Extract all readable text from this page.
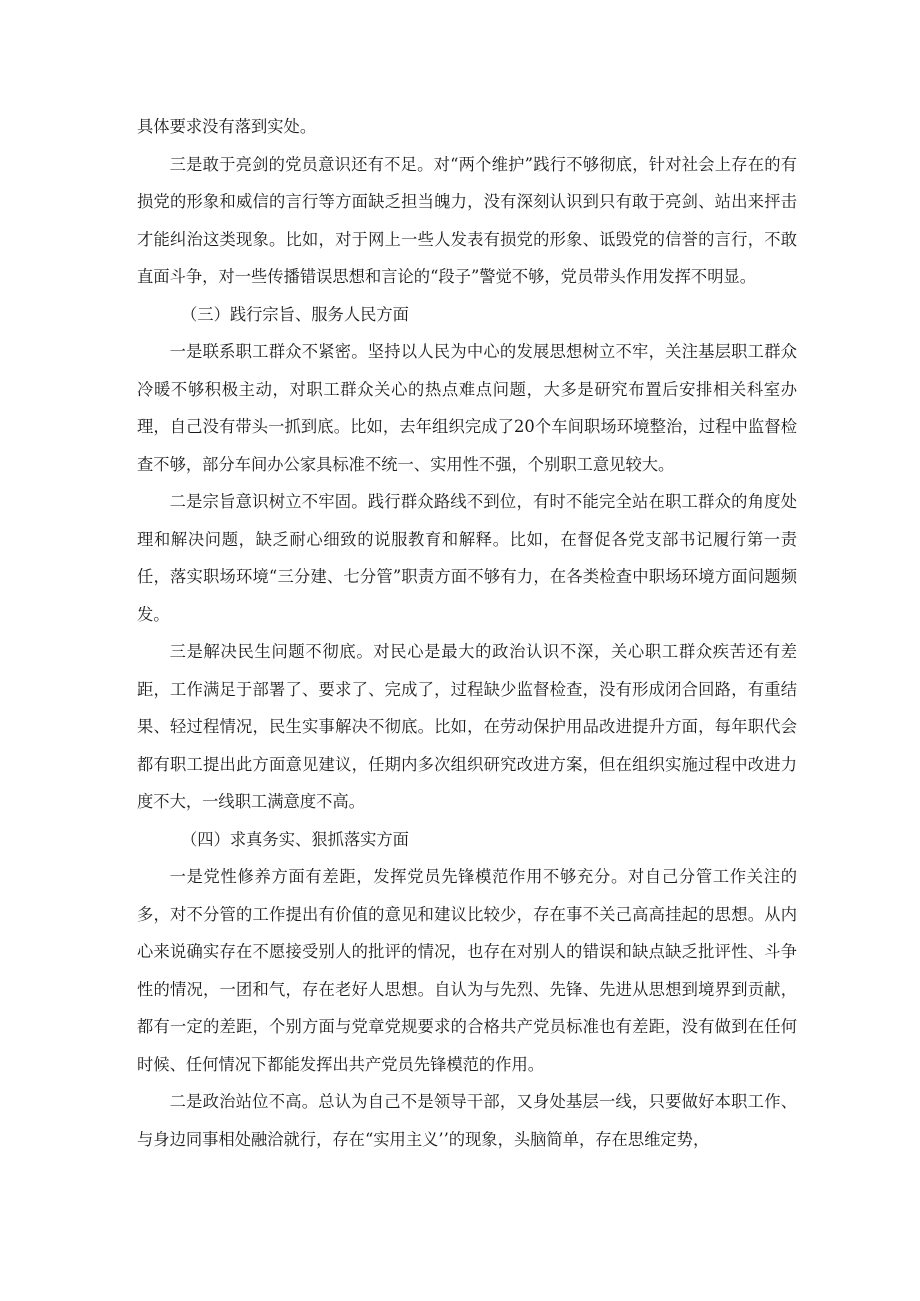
具体要求没有落到实处。

三是敢于亮剑的党员意识还有不足。对“两个维护”践行不够彻底，针对社会上存在的有损党的形象和威信的言行等方面缺乏担当魄力，没有深刻认识到只有敢于亮剑、站出来抨击才能纠治这类现象。比如，对于网上一些人发表有损党的形象、诋毁党的信誉的言行，不敢直面斗争，对一些传播错误思想和言论的“段子”警觉不够，党员带头作用发挥不明显。

（三）践行宗旨、服务人民方面

一是联系职工群众不紧密。坚持以人民为中心的发展思想树立不牢，关注基层职工群众冷暖不够积极主动，对职工群众关心的热点难点问题，大多是研究布置后安排相关科室办理，自己没有带头一抓到底。比如，去年组织完成了20个车间职场环境整治，过程中监督检查不够，部分车间办公家具标准不统一、实用性不强，个别职工意见较大。

二是宗旨意识树立不牢固。践行群众路线不到位，有时不能完全站在职工群众的角度处理和解决问题，缺乏耐心细致的说服教育和解释。比如，在督促各党支部书记履行第一责任，落实职场环境“三分建、七分管”职责方面不够有力，在各类检查中职场环境方面问题频发。

三是解决民生问题不彻底。对民心是最大的政治认识不深，关心职工群众疾苦还有差距，工作满足于部署了、要求了、完成了，过程缺少监督检查，没有形成闭合回路，有重结果、轻过程情况，民生实事解决不彻底。比如，在劳动保护用品改进提升方面，每年职代会都有职工提出此方面意见建议，任期内多次组织研究改进方案，但在组织实施过程中改进力度不大，一线职工满意度不高。

（四）求真务实、狠抓落实方面

一是党性修养方面有差距，发挥党员先锋模范作用不够充分。对自己分管工作关注的多，对不分管的工作提出有价值的意见和建议比较少，存在事不关己高高挂起的思想。从内心来说确实存在不愿接受别人的批评的情况，也存在对别人的错误和缺点缺乏批评性、斗争性的情况，一团和气，存在老好人思想。自认为与先烈、先锋、先进从思想到境界到贡献，都有一定的差距，个别方面与党章党规要求的合格共产党员标准也有差距，没有做到在任何时候、任何情况下都能发挥出共产党员先锋模范的作用。

二是政治站位不高。总认为自己不是领导干部，又身处基层一线，只要做好本职工作、与身边同事相处融洽就行，存在“实用主义’’的现象，头脑简单，存在思维定势，
